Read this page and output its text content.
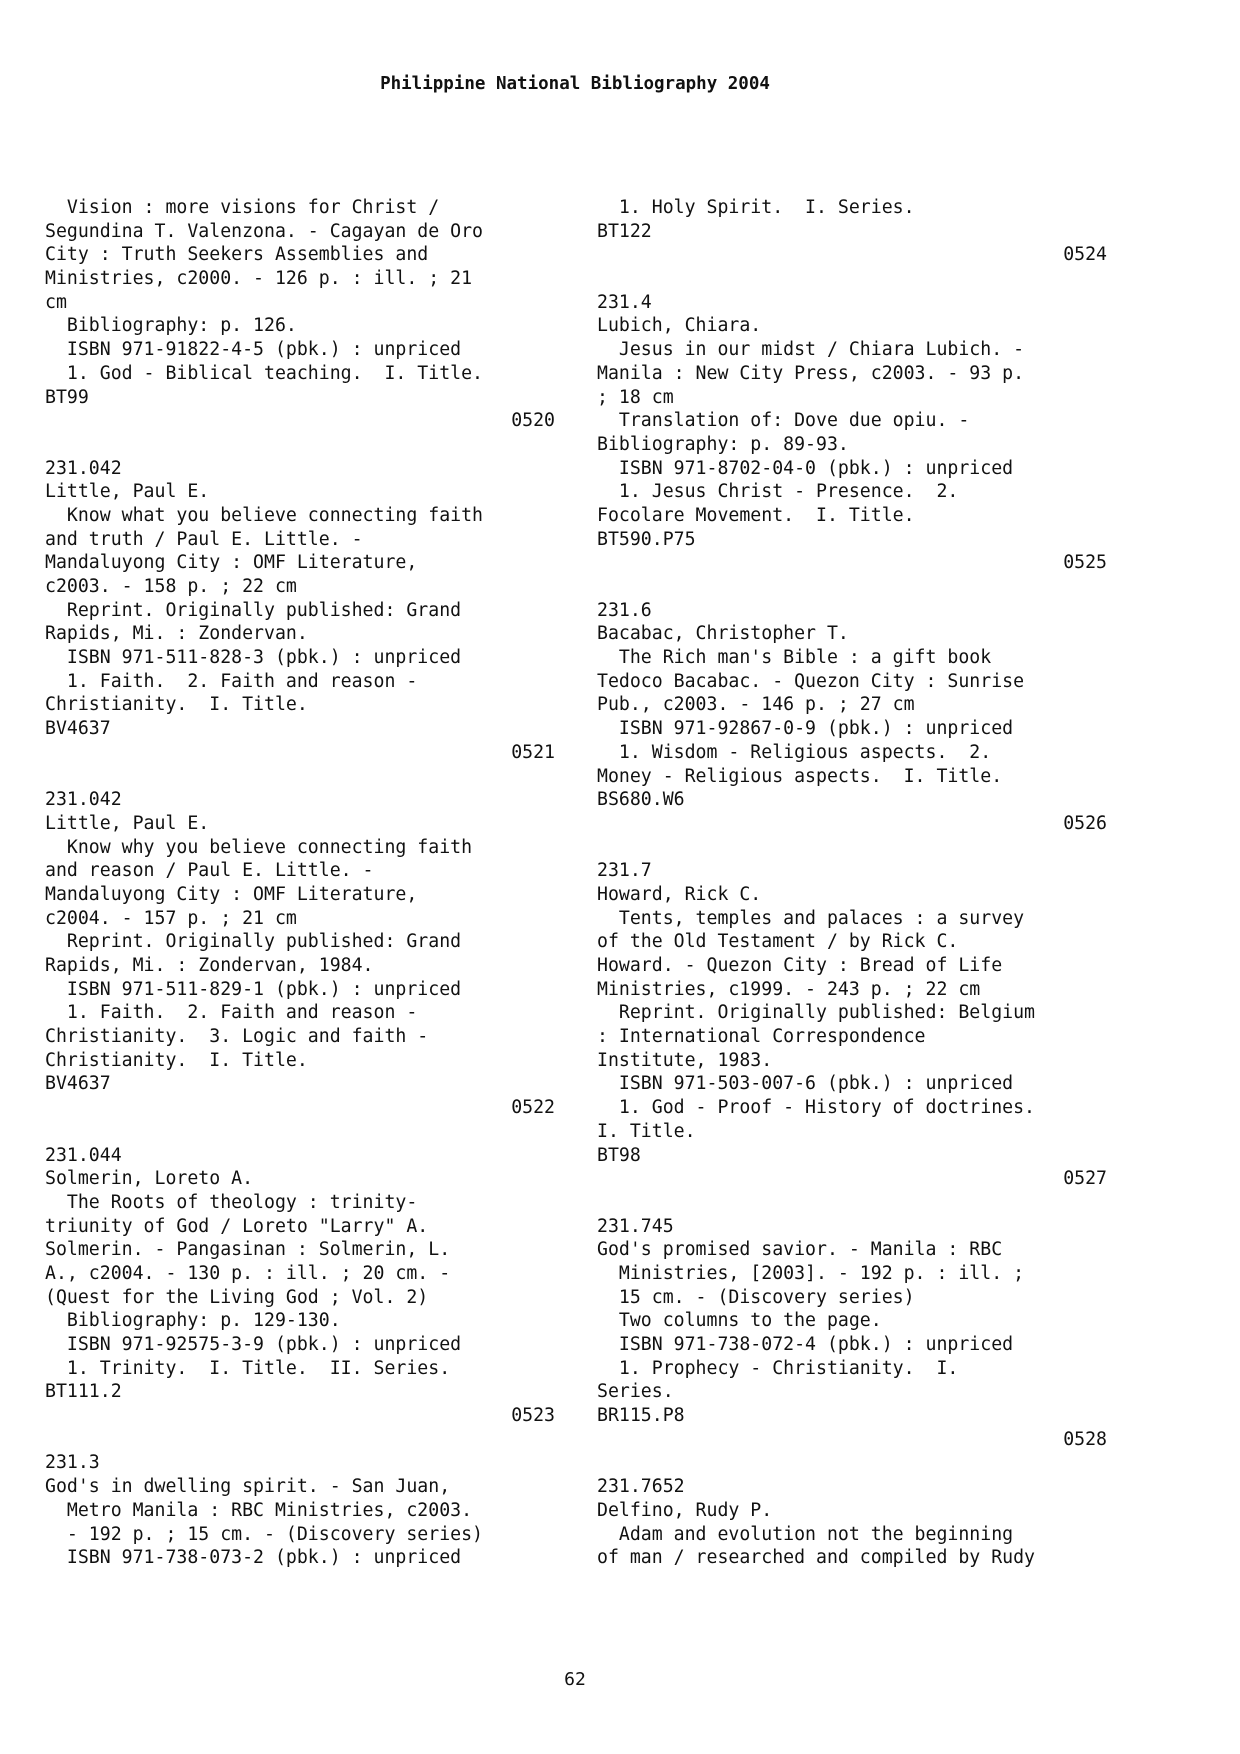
Philippine National Bibliography 2004
Vision : more visions for Christ /
Segundina T. Valenzona. - Cagayan de Oro
City : Truth Seekers Assemblies and
Ministries, c2000. - 126 p. : ill. ; 21
cm
Bibliography: p. 126.
ISBN 971-91822-4-5 (pbk.) : unpriced
1. God - Biblical teaching.  I. Title.
BT99
0520
231.042
Little, Paul E.
Know what you believe connecting faith
and truth / Paul E. Little. -
Mandaluyong City : OMF Literature,
c2003. - 158 p. ; 22 cm
Reprint. Originally published: Grand
Rapids, Mi. : Zondervan.
ISBN 971-511-828-3 (pbk.) : unpriced
1. Faith.  2. Faith and reason -
Christianity.  I. Title.
BV4637
0521
231.042
Little, Paul E.
Know why you believe connecting faith
and reason / Paul E. Little. -
Mandaluyong City : OMF Literature,
c2004. - 157 p. ; 21 cm
Reprint. Originally published: Grand
Rapids, Mi. : Zondervan, 1984.
ISBN 971-511-829-1 (pbk.) : unpriced
1. Faith.  2. Faith and reason -
Christianity.  3. Logic and faith -
Christianity.  I. Title.
BV4637
0522
231.044
Solmerin, Loreto A.
The Roots of theology : trinity-
triunity of God / Loreto "Larry" A.
Solmerin. - Pangasinan : Solmerin, L.
A., c2004. - 130 p. : ill. ; 20 cm. -
(Quest for the Living God ; Vol. 2)
Bibliography: p. 129-130.
ISBN 971-92575-3-9 (pbk.) : unpriced
1. Trinity.  I. Title.  II. Series.
BT111.2
0523
231.3
God's in dwelling spirit. - San Juan,
Metro Manila : RBC Ministries, c2003.
- 192 p. ; 15 cm. - (Discovery series)
ISBN 971-738-073-2 (pbk.) : unpriced
1. Holy Spirit.  I. Series.
BT122
0524
231.4
Lubich, Chiara.
Jesus in our midst / Chiara Lubich. -
Manila : New City Press, c2003. - 93 p.
; 18 cm
Translation of: Dove due opiu. -
Bibliography: p. 89-93.
ISBN 971-8702-04-0 (pbk.) : unpriced
1. Jesus Christ - Presence.  2.
Focolare Movement.  I. Title.
BT590.P75
0525
231.6
Bacabac, Christopher T.
The Rich man's Bible : a gift book
Tedoco Bacabac. - Quezon City : Sunrise
Pub., c2003. - 146 p. ; 27 cm
ISBN 971-92867-0-9 (pbk.) : unpriced
1. Wisdom - Religious aspects.  2.
Money - Religious aspects.  I. Title.
BS680.W6
0526
231.7
Howard, Rick C.
Tents, temples and palaces : a survey
of the Old Testament / by Rick C.
Howard. - Quezon City : Bread of Life
Ministries, c1999. - 243 p. ; 22 cm
Reprint. Originally published: Belgium
: International Correspondence
Institute, 1983.
ISBN 971-503-007-6 (pbk.) : unpriced
1. God - Proof - History of doctrines.
I. Title.
BT98
0527
231.745
God's promised savior. - Manila : RBC
Ministries, [2003]. - 192 p. : ill. ;
15 cm. - (Discovery series)
Two columns to the page.
ISBN 971-738-072-4 (pbk.) : unpriced
1. Prophecy - Christianity.  I.
Series.
BR115.P8
0528
231.7652
Delfino, Rudy P.
Adam and evolution not the beginning
of man / researched and compiled by Rudy
62
